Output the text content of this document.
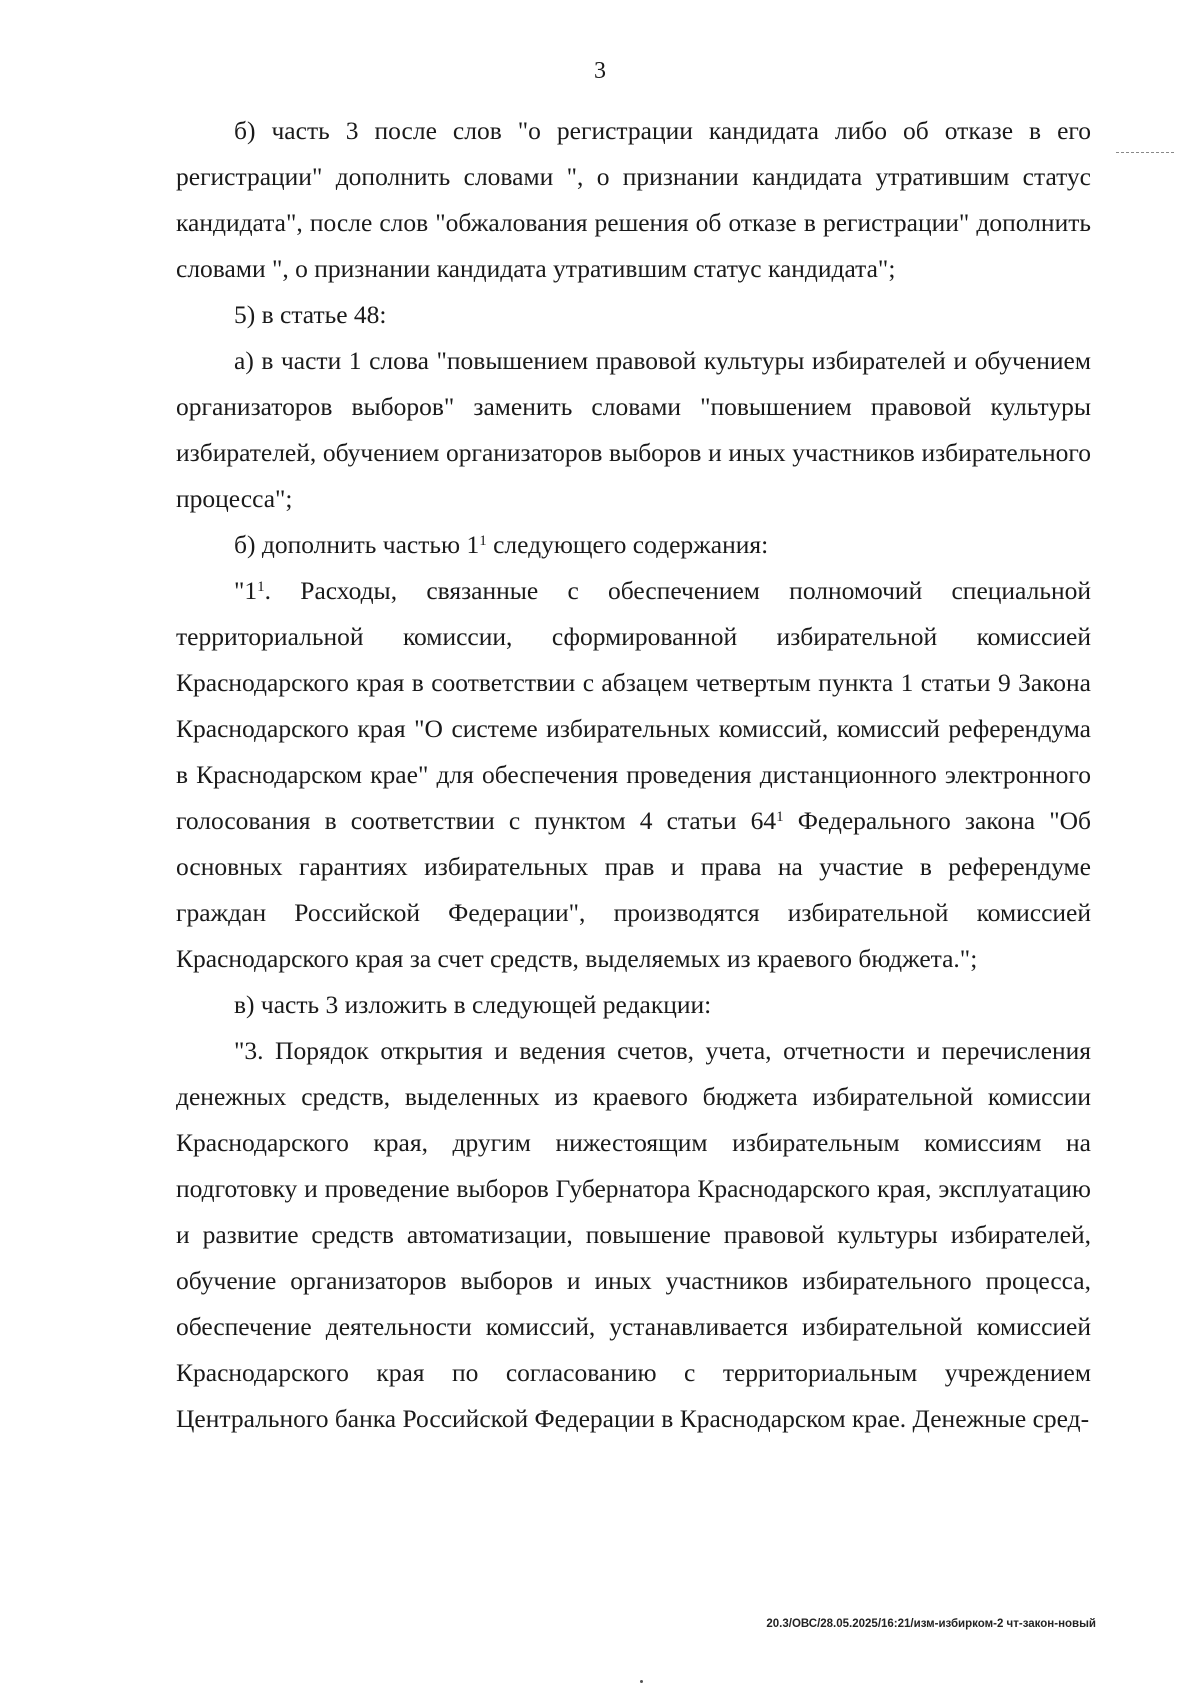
3

б) часть 3 после слов "о регистрации кандидата либо об отказе в его регистрации" дополнить словами ", о признании кандидата утратившим статус кандидата", после слов "обжалования решения об отказе в регистрации" дополнить словами ", о признании кандидата утратившим статус кандидата";

5) в статье 48:

а) в части 1 слова "повышением правовой культуры избирателей и обучением организаторов выборов" заменить словами "повышением правовой культуры избирателей, обучением организаторов выборов и иных участников избирательного процесса";

б) дополнить частью $1^1$ следующего содержания:

"$1^1$. Расходы, связанные с обеспечением полномочий специальной территориальной комиссии, сформированной избирательной комиссией Краснодарского края в соответствии с абзацем четвертым пункта 1 статьи 9 Закона Краснодарского края "О системе избирательных комиссий, комиссий референдума в Краснодарском крае" для обеспечения проведения дистанционного электронного голосования в соответствии с пунктом 4 статьи $64^1$ Федерального закона "Об основных гарантиях избирательных прав и права на участие в референдуме граждан Российской Федерации", производятся избирательной комиссией Краснодарского края за счет средств, выделяемых из краевого бюджета.";

в) часть 3 изложить в следующей редакции:

"3. Порядок открытия и ведения счетов, учета, отчетности и перечисления денежных средств, выделенных из краевого бюджета избирательной комиссии Краснодарского края, другим нижестоящим избирательным комиссиям на подготовку и проведение выборов Губернатора Краснодарского края, эксплуатацию и развитие средств автоматизации, повышение правовой культуры избирателей, обучение организаторов выборов и иных участников избирательного процесса, обеспечение деятельности комиссий, устанавливается избирательной комиссией Краснодарского края по согласованию с территориальным учреждением Центрального банка Российской Федерации в Краснодарском крае. Денежные сред-

20.3/ОВС/28.05.2025/16:21/изм-избирком-2 чт-закон-новый
